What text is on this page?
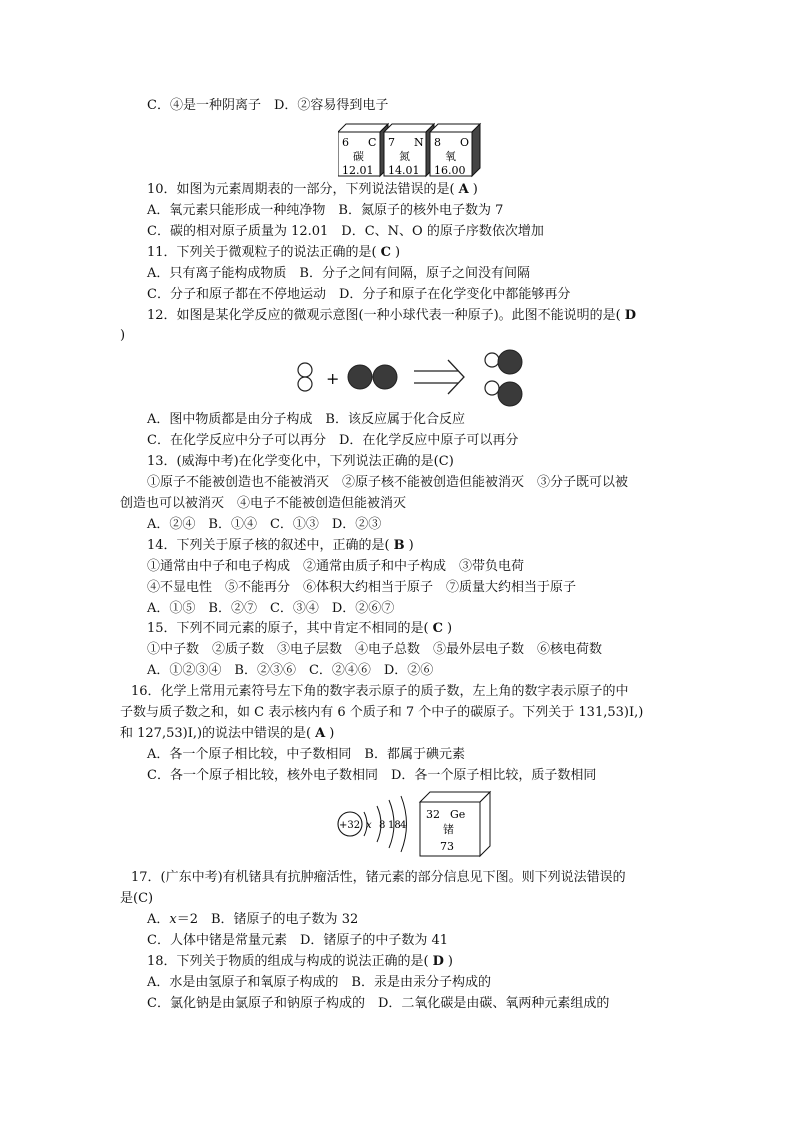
C．④是一种阴离子　D．②容易得到电子
6 C
碳
12.01
7 N
氮
14.01
8 O
氧
16.00
10．如图为元素周期表的一部分，下列说法错误的是( A )
A．氧元素只能形成一种纯净物　B．氮原子的核外电子数为 7
C．碳的相对原子质量为 12.01　D．C、N、O 的原子序数依次增加
11．下列关于微观粒子的说法正确的是( C )
A．只有离子能构成物质　B．分子之间有间隔，原子之间没有间隔
C．分子和原子都在不停地运动　D．分子和原子在化学变化中都能够再分
12．如图是某化学反应的微观示意图(一种小球代表一种原子)。此图不能说明的是( D
)
+
A．图中物质都是由分子构成　B．该反应属于化合反应
C．在化学反应中分子可以再分　D．在化学反应中原子可以再分
13．(威海中考)在化学变化中，下列说法正确的是(C)
①原子不能被创造也不能被消灭　②原子核不能被创造但能被消灭　③分子既可以被
创造也可以被消灭　④电子不能被创造但能被消灭
A．②④　B．①④　C．①③　D．②③
14．下列关于原子核的叙述中，正确的是( B )
①通常由中子和电子构成　②通常由质子和中子构成　③带负电荷
④不显电性　⑤不能再分　⑥体积大约相当于原子　⑦质量大约相当于原子
A．①⑤　B．②⑦　C．③④　D．②⑥⑦
15．下列不同元素的原子，其中肯定不相同的是( C )
①中子数　②质子数　③电子层数　④电子总数　⑤最外层电子数　⑥核电荷数
A．①②③④　B．②③⑥　C．②④⑥　D．②⑥
16．化学上常用元素符号左下角的数字表示原子的质子数，左上角的数字表示原子的中
子数与质子数之和，如 C 表示核内有 6 个质子和 7 个中子的碳原子。下列关于 131,53)I,)
和 127,53)I,)的说法中错误的是( A )
A．各一个原子相比较，中子数相同　B．都属于碘元素
C．各一个原子相比较，核外电子数相同　D．各一个原子相比较，质子数相同
+32 x 8 18 4
32 Ge
锗
73
17．(广东中考)有机锗具有抗肿瘤活性，锗元素的部分信息见下图。则下列说法错误的
是(C)
A．x＝2　B．锗原子的电子数为 32
C．人体中锗是常量元素　D．锗原子的中子数为 41
18．下列关于物质的组成与构成的说法正确的是( D )
A．水是由氢原子和氧原子构成的　B．汞是由汞分子构成的
C．氯化钠是由氯原子和钠原子构成的　D．二氧化碳是由碳、氧两种元素组成的
